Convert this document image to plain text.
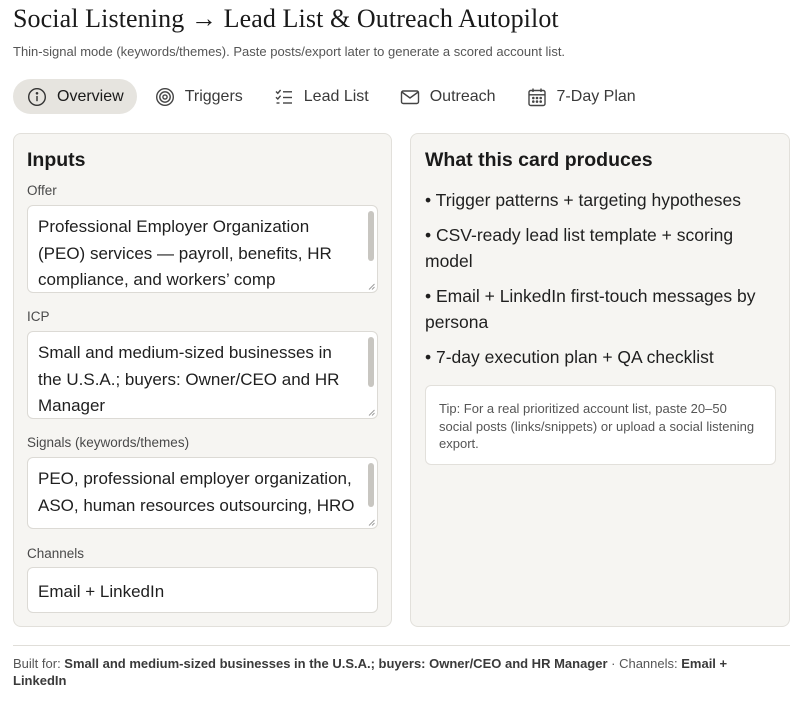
Social Listening → Lead List & Outreach Autopilot
Thin-signal mode (keywords/themes). Paste posts/export later to generate a scored account list.
Overview	Triggers	Lead List	Outreach	7-Day Plan
Inputs
Offer
Professional Employer Organization (PEO) services — payroll, benefits, HR compliance, and workers’ comp
ICP
Small and medium-sized businesses in the U.S.A.; buyers: Owner/CEO and HR Manager
Signals (keywords/themes)
PEO, professional employer organization, ASO, human resources outsourcing, HRO
Channels
Email + LinkedIn
What this card produces
• Trigger patterns + targeting hypotheses
• CSV-ready lead list template + scoring model
• Email + LinkedIn first-touch messages by persona
• 7-day execution plan + QA checklist
Tip: For a real prioritized account list, paste 20–50 social posts (links/snippets) or upload a social listening export.
Built for: Small and medium-sized businesses in the U.S.A.; buyers: Owner/CEO and HR Manager · Channels: Email + LinkedIn
